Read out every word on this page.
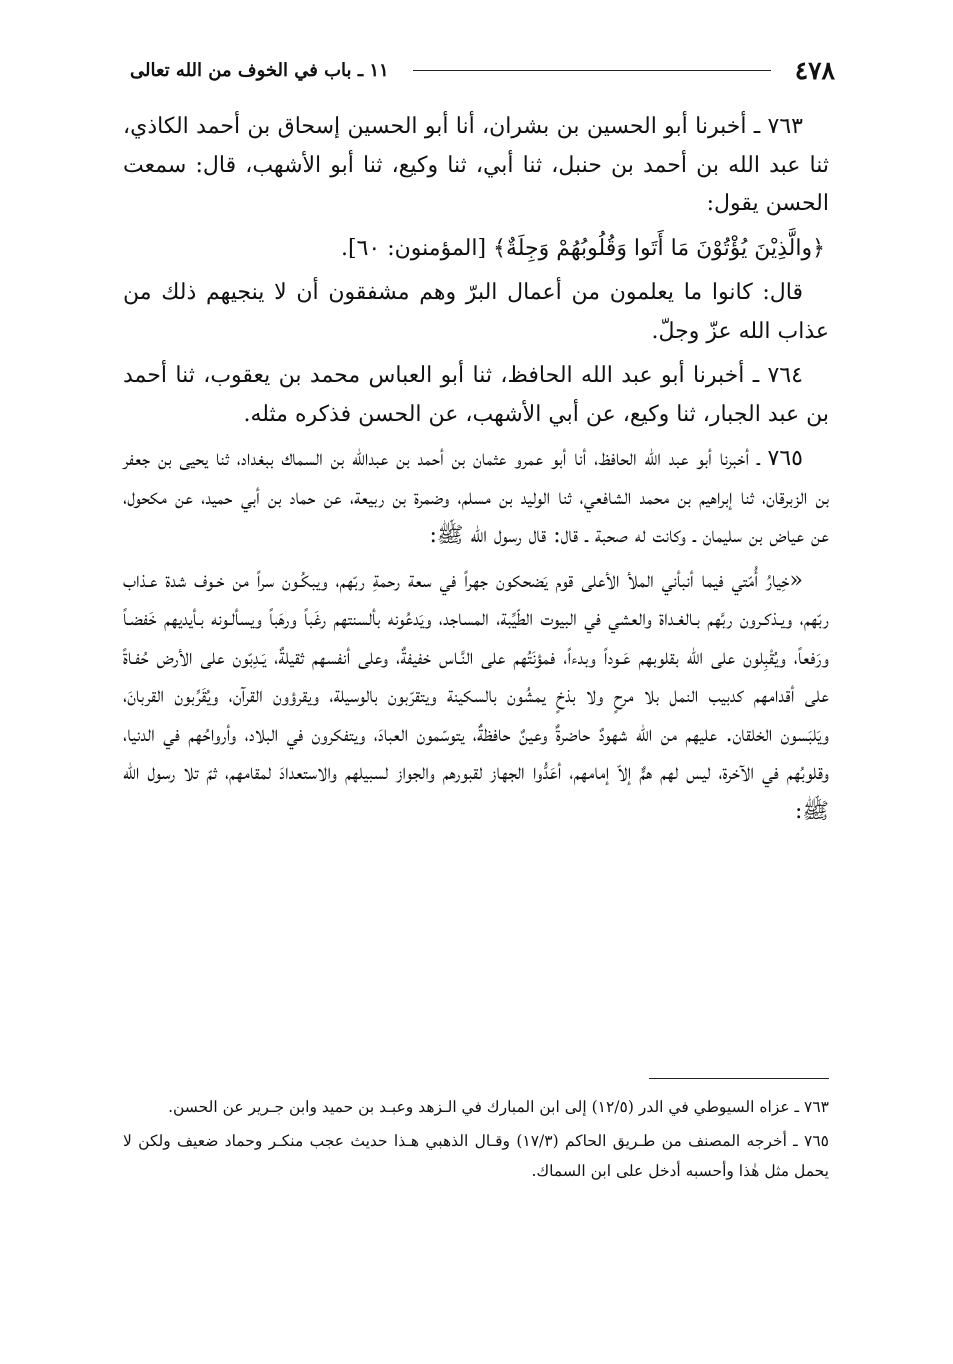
٤٧٨
١١ ـ باب في الخوف من الله تعالى

٧٦٣ ـ أخبرنا أبو الحسين بن بشران، أنا أبو الحسين إسحاق بن أحمد الكاذي، ثنا عبد الله بن أحمد بن حنبل، ثنا أبي، ثنا وكيع، ثنا أبو الأشهب، قال: سمعت الحسن يقول:

﴿والَّذِيْنَ يُؤْتُوْنَ مَا أَتَوا وَقُلُوبُهُمْ وَجِلَةٌ﴾ [المؤمنون: ٦٠].

قال: كانوا ما يعلمون من أعمال البرّ وهم مشفقون أن لا ينجيهم ذلك من عذاب الله عزّ وجلّ.

٧٦٤ ـ أخبرنا أبو عبد الله الحافظ، ثنا أبو العباس محمد بن يعقوب، ثنا أحمد بن عبد الجبار، ثنا وكيع، عن أبي الأشهب، عن الحسن فذكره مثله.

٧٦٥ ـ أخبرنا أبو عبد الله الحافظ، أنا أبو عمرو عثمان بن أحمد بن عبدالله بن السماك ببغداد، ثنا يحيى بن جعفر بن الزبرقان، ثنا إبراهيم بن محمد الشافعي، ثنا الوليد بن مسلم، وضمرة بن ربيعة، عن حماد بن أبي حميد، عن مكحول، عن عياض بن سليمان ـ وكانت له صحبة ـ قال: قال رسول الله ﷺ:

«خِيارُ أُمّتي فيما أنبأني الملأ الأعلى قوم يَضحكون جهراً في سعة رحمةِ ربّهم، ويبكُـون سراً من خـوف شدة عـذاب ربّهم، ويـذكـرون ربَّهم بـالغـداة والعشي في البيوت الطّيِّبة، المساجد، ويَدعُونه بألسنتهم رغَباً ورهَباً ويسألـونه بـأيديهم خَفضـاً ورَفعاً، ويُقْبِلون على الله بقلوبهم عَـوداً وبدءاً، فمؤنَتُهم على النَّـاس خفيفةٌ، وعلى أنفسهم ثقيلةٌ، يَـدِبّون على الأرض حُفـاةً على أقدامهم كدبيب النمل بلا مرحٍ ولا بذخٍ يمشُون بالسكينة ويتقرّبون بالوسيلة، ويقرؤون القرآن، ويُقَرِّبون القربانَ، ويَلبَسون الخلقان. عليهم من الله شهودٌ حاضرةٌ وعينٌ حافظةٌ، يتوسّمون العبادَ، ويتفكرون في البلاد، وأرواحُهم في الدنيا، وقلوبُهم في الآخرة، ليس لهم همٌّ إلاّ إمامهم، أعَدُّوا الجهاز لقبورهم والجواز لسبيلهم والاستعدادَ لمقامهم، ثمّ تلا رسول الله ﷺ:

٧٦٣ ـ عزاه السيوطي في الدر (١٢/٥) إلى ابن المبارك في الـزهد وعبـد بن حميد وابن جـرير عن الحسن.

٧٦٥ ـ أخرجه المصنف من طـريق الحاكم (١٧/٣) وقـال الذهبي هـذا حديث عجب منكـر وحماد ضعيف ولكن لا يحمل مثل هٰذا وأحسبه أدخل على ابن السماك.
